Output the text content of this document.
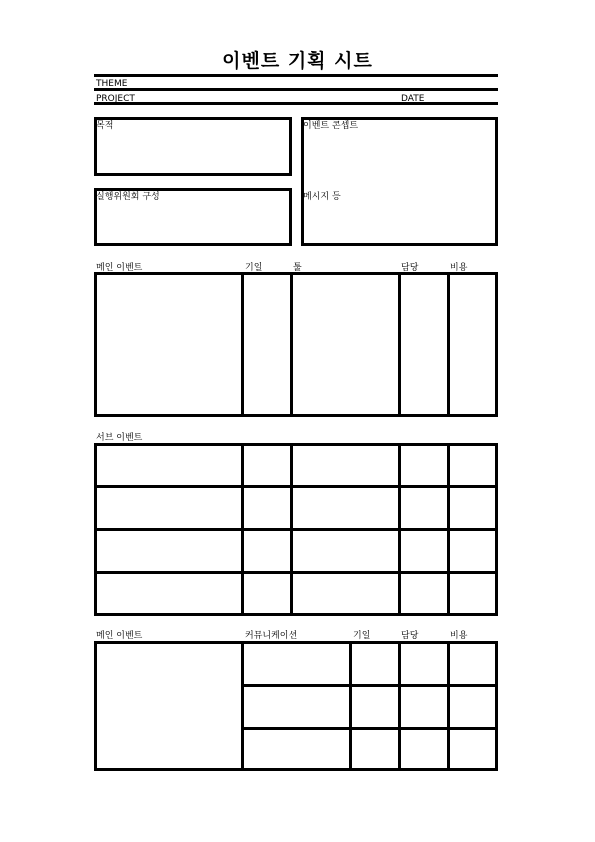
이벤트 기획 시트
THEME
PROJECT	DATE
목적
실행위원회 구성
이벤트 콘셉트
메시지 등
메인 이벤트	기일	툴	담당	비용
서브 이벤트
메인 이벤트	커뮤니케이션	기일	담당	비용
